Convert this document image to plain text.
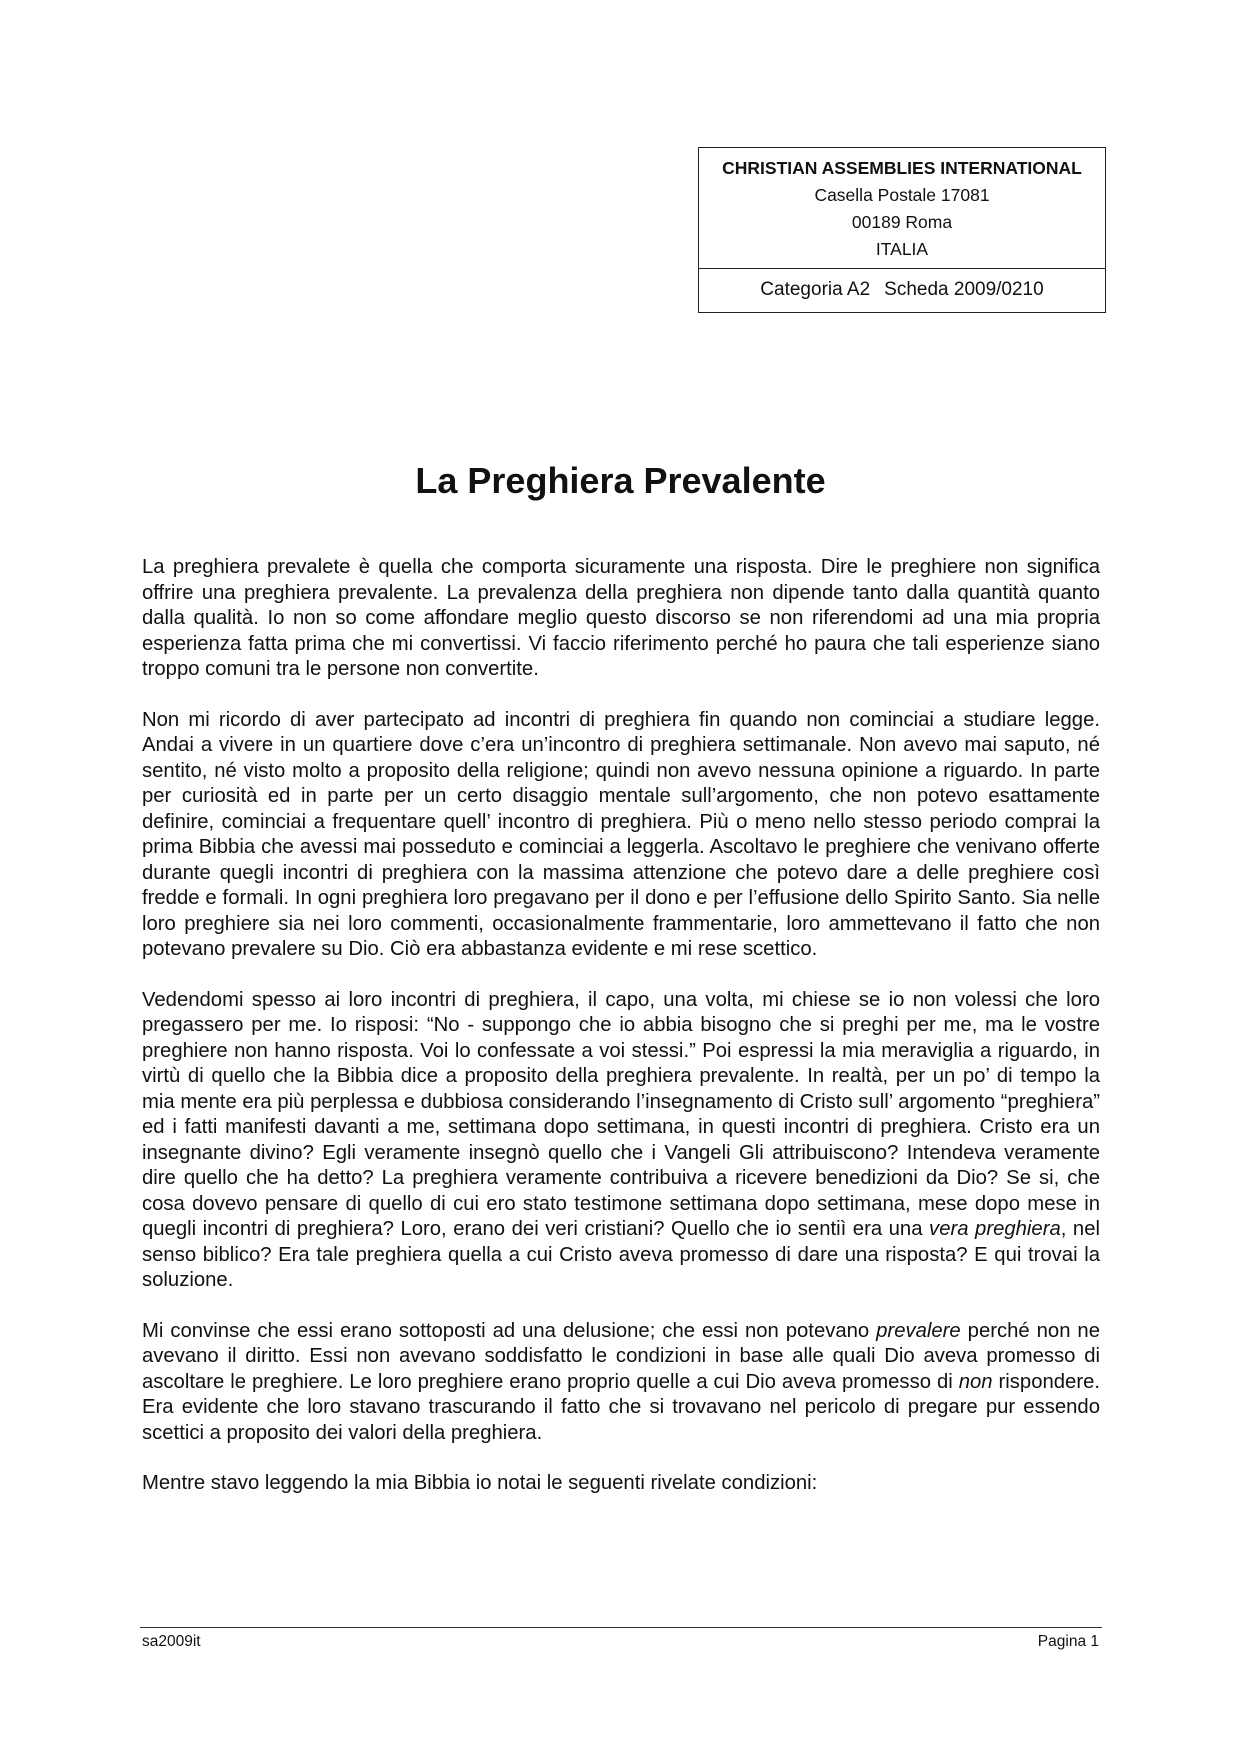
CHRISTIAN ASSEMBLIES INTERNATIONAL
Casella Postale 17081
00189 Roma
ITALIA
Categoria A2 Scheda 2009/0210
La Preghiera Prevalente

La preghiera prevalete è quella che comporta sicuramente una risposta. Dire le preghiere non significa offrire una preghiera prevalente. La prevalenza della preghiera non dipende tanto dalla quantità quanto dalla qualità. Io non so come affondare meglio questo discorso se non riferendomi ad una mia propria esperienza fatta prima che mi convertissi. Vi faccio riferimento perché ho paura che tali esperienze siano troppo comuni tra le persone non convertite.

Non mi ricordo di aver partecipato ad incontri di preghiera fin quando non cominciai a studiare legge. Andai a vivere in un quartiere dove c’era un’incontro di preghiera settimanale. Non avevo mai saputo, né sentito, né visto molto a proposito della religione; quindi non avevo nessuna opinione a riguardo. In parte per curiosità ed in parte per un certo disaggio mentale sull’argomento, che non potevo esattamente definire, cominciai a frequentare quell’ incontro di preghiera. Più o meno nello stesso periodo comprai la prima Bibbia che avessi mai posseduto e cominciai a leggerla. Ascoltavo le preghiere che venivano offerte durante quegli incontri di preghiera con la massima attenzione che potevo dare a delle preghiere così fredde e formali. In ogni preghiera loro pregavano per il dono e per l’effusione dello Spirito Santo. Sia nelle loro preghiere sia nei loro commenti, occasionalmente frammentarie, loro ammettevano il fatto che non potevano prevalere su Dio. Ciò era abbastanza evidente e mi rese scettico.

Vedendomi spesso ai loro incontri di preghiera, il capo, una volta, mi chiese se io non volessi che loro pregassero per me. Io risposi: “No - suppongo che io abbia bisogno che si preghi per me, ma le vostre preghiere non hanno risposta. Voi lo confessate a voi stessi.” Poi espressi la mia meraviglia a riguardo, in virtù di quello che la Bibbia dice a proposito della preghiera prevalente. In realtà, per un po’ di tempo la mia mente era più perplessa e dubbiosa considerando l’insegnamento di Cristo sull’ argomento “preghiera” ed i fatti manifesti davanti a me, settimana dopo settimana, in questi incontri di preghiera. Cristo era un insegnante divino? Egli veramente insegnò quello che i Vangeli Gli attribuiscono? Intendeva veramente dire quello che ha detto? La preghiera veramente contribuiva a ricevere benedizioni da Dio? Se si, che cosa dovevo pensare di quello di cui ero stato testimone settimana dopo settimana, mese dopo mese in quegli incontri di preghiera? Loro, erano dei veri cristiani? Quello che io sentiì era una vera preghiera, nel senso biblico? Era tale preghiera quella a cui Cristo aveva promesso di dare una risposta? E qui trovai la soluzione.

Mi convinse che essi erano sottoposti ad una delusione; che essi non potevano prevalere perché non ne avevano il diritto. Essi non avevano soddisfatto le condizioni in base alle quali Dio aveva promesso di ascoltare le preghiere. Le loro preghiere erano proprio quelle a cui Dio aveva promesso di non rispondere. Era evidente che loro stavano trascurando il fatto che si trovavano nel pericolo di pregare pur essendo scettici a proposito dei valori della preghiera.

Mentre stavo leggendo la mia Bibbia io notai le seguenti rivelate condizioni:

sa2009it	Pagina 1
